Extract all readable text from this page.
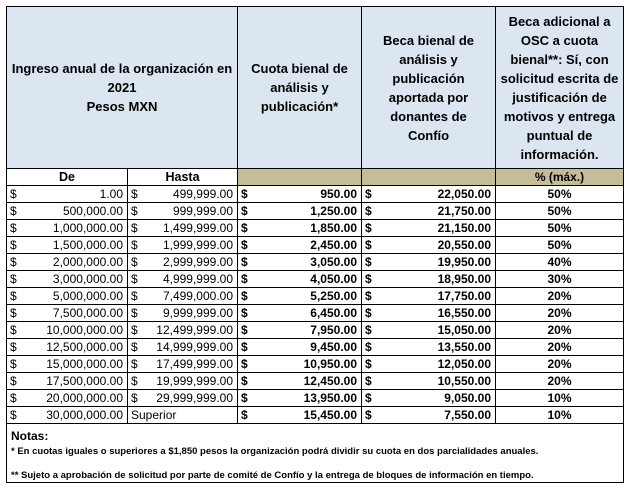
Ingreso anual de la organización en
2021
Pesos MXN		Cuota bienal de análisis y publicación*	Beca bienal de análisis y publicación aportada por donantes de Confío	Beca adicional a OSC a cuota bienal**: Sí, con solicitud escrita de justificación de motivos y entrega puntual de información.

De	Hasta			% (máx.)

$ 1.00	$ 499,999.00	$ 950.00	$ 22,050.00	50%

$ 500,000.00	$ 999,999.00	$ 1,250.00	$ 21,750.00	50%

$ 1,000,000.00	$ 1,499,999.00	$ 1,850.00	$ 21,150.00	50%

$ 1,500,000.00	$ 1,999,999.00	$ 2,450.00	$ 20,550.00	50%

$ 2,000,000.00	$ 2,999,999.00	$ 3,050.00	$ 19,950.00	40%

$ 3,000,000.00	$ 4,999,999.00	$ 4,050.00	$ 18,950.00	30%

$ 5,000,000.00	$ 7,499,000.00	$ 5,250.00	$ 17,750.00	20%

$ 7,500,000.00	$ 9,999,999.00	$ 6,450.00	$ 16,550.00	20%

$ 10,000,000.00	$ 12,499,999.00	$ 7,950.00	$ 15,050.00	20%

$ 12,500,000.00	$ 14,999,999.00	$ 9,450.00	$ 13,550.00	20%

$ 15,000,000.00	$ 17,499,999.00	$ 10,950.00	$ 12,050.00	20%

$ 17,500,000.00	$ 19,999,999.00	$ 12,450.00	$ 10,550.00	20%

$ 20,000,000.00	$ 29,999,999.00	$ 13,950.00	$ 9,050.00	10%

$ 30,000,000.00	Superior	$ 15,450.00	$ 7,550.00	10%

Notas:
* En cuotas iguales o superiores a $1,850 pesos la organización podrá dividir su cuota en dos parcialidades anuales.
** Sujeto a aprobación de solicitud por parte de comité de Confío y la entrega de bloques de información en tiempo.				
